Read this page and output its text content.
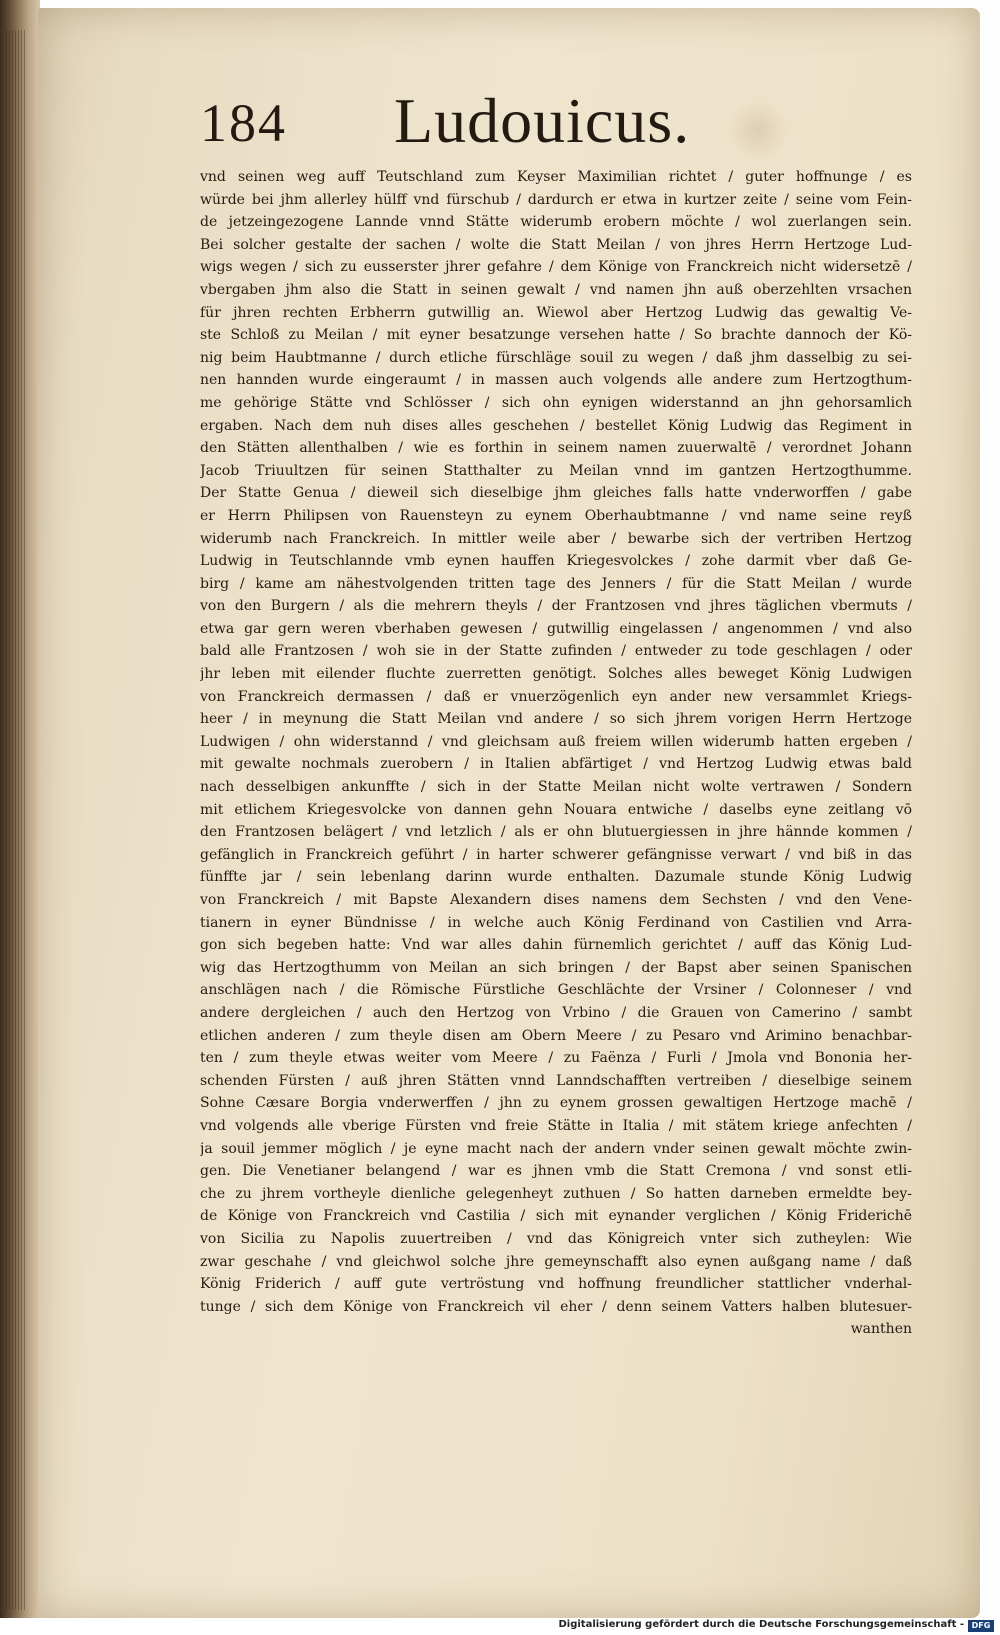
184 Ludouicus.
vnd seinen weg auff Teutschland zum Keyser Maximilian richtet / guter hoffnunge / es
würde bei jhm allerley hülff vnd fürschub / dardurch er etwa in kurtzer zeite / seine vom Fein-
de jetzeingezogene Lannde vnnd Stätte widerumb erobern möchte / wol zuerlangen sein.
Bei solcher gestalte der sachen / wolte die Statt Meilan / von jhres Herrn Hertzoge Lud-
wigs wegen / sich zu eusserster jhrer gefahre / dem Könige von Franckreich nicht widersetzē /
vbergaben jhm also die Statt in seinen gewalt / vnd namen jhn auß oberzehlten vrsachen
für jhren rechten Erbherrn gutwillig an. Wiewol aber Hertzog Ludwig das gewaltig Ve-
ste Schloß zu Meilan / mit eyner besatzunge versehen hatte / So brachte dannoch der Kö-
nig beim Haubtmanne / durch etliche fürschläge souil zu wegen / daß jhm dasselbig zu sei-
nen hannden wurde eingeraumt / in massen auch volgends alle andere zum Hertzogthum-
me gehörige Stätte vnd Schlösser / sich ohn eynigen widerstannd an jhn gehorsamlich
ergaben. Nach dem nuh dises alles geschehen / bestellet König Ludwig das Regiment in
den Stätten allenthalben / wie es forthin in seinem namen zuuerwaltē / verordnet Johann
Jacob Triuultzen für seinen Statthalter zu Meilan vnnd im gantzen Hertzogthumme.
Der Statte Genua / dieweil sich dieselbige jhm gleiches falls hatte vnderworffen / gabe
er Herrn Philipsen von Rauensteyn zu eynem Oberhaubtmanne / vnd name seine reyß
widerumb nach Franckreich. In mittler weile aber / bewarbe sich der vertriben Hertzog
Ludwig in Teutschlannde vmb eynen hauffen Kriegesvolckes / zohe darmit vber daß Ge-
birg / kame am nähestvolgenden tritten tage des Jenners / für die Statt Meilan / wurde
von den Burgern / als die mehrern theyls / der Frantzosen vnd jhres täglichen vbermuts /
etwa gar gern weren vberhaben gewesen / gutwillig eingelassen / angenommen / vnd also
bald alle Frantzosen / woh sie in der Statte zufinden / entweder zu tode geschlagen / oder
jhr leben mit eilender fluchte zuerretten genötigt. Solches alles beweget König Ludwigen
von Franckreich dermassen / daß er vnuerzögenlich eyn ander new versammlet Kriegs-
heer / in meynung die Statt Meilan vnd andere / so sich jhrem vorigen Herrn Hertzoge
Ludwigen / ohn widerstannd / vnd gleichsam auß freiem willen widerumb hatten ergeben /
mit gewalte nochmals zuerobern / in Italien abfärtiget / vnd Hertzog Ludwig etwas bald
nach desselbigen ankunffte / sich in der Statte Meilan nicht wolte vertrawen / Sondern
mit etlichem Kriegesvolcke von dannen gehn Nouara entwiche / daselbs eyne zeitlang vō
den Frantzosen belägert / vnd letzlich / als er ohn blutuergiessen in jhre hännde kommen /
gefänglich in Franckreich geführt / in harter schwerer gefängnisse verwart / vnd biß in das
fünffte jar / sein lebenlang darinn wurde enthalten. Dazumale stunde König Ludwig
von Franckreich / mit Bapste Alexandern dises namens dem Sechsten / vnd den Vene-
tianern in eyner Bündnisse / in welche auch König Ferdinand von Castilien vnd Arra-
gon sich begeben hatte: Vnd war alles dahin fürnemlich gerichtet / auff das König Lud-
wig das Hertzogthumm von Meilan an sich bringen / der Bapst aber seinen Spanischen
anschlägen nach / die Römische Fürstliche Geschlächte der Vrsiner / Colonneser / vnd
andere dergleichen / auch den Hertzog von Vrbino / die Grauen von Camerino / sambt
etlichen anderen / zum theyle disen am Obern Meere / zu Pesaro vnd Arimino benachbar-
ten / zum theyle etwas weiter vom Meere / zu Faënza / Furli / Jmola vnd Bononia her-
schenden Fürsten / auß jhren Stätten vnnd Lanndschafften vertreiben / dieselbige seinem
Sohne Cæsare Borgia vnderwerffen / jhn zu eynem grossen gewaltigen Hertzoge machē /
vnd volgends alle vberige Fürsten vnd freie Stätte in Italia / mit stätem kriege anfechten /
ja souil jemmer möglich / je eyne macht nach der andern vnder seinen gewalt möchte zwin-
gen. Die Venetianer belangend / war es jhnen vmb die Statt Cremona / vnd sonst etli-
che zu jhrem vortheyle dienliche gelegenheyt zuthuen / So hatten darneben ermeldte bey-
de Könige von Franckreich vnd Castilia / sich mit eynander verglichen / König Friderichē
von Sicilia zu Napolis zuuertreiben / vnd das Königreich vnter sich zutheylen: Wie
zwar geschahe / vnd gleichwol solche jhre gemeynschafft also eynen außgang name / daß
König Friderich / auff gute vertröstung vnd hoffnung freundlicher stattlicher vnderhal-
tunge / sich dem Könige von Franckreich vil eher / denn seinem Vatters halben blutesuer-
wanthen
Digitalisierung gefördert durch die Deutsche Forschungsgemeinschaft - DFG
